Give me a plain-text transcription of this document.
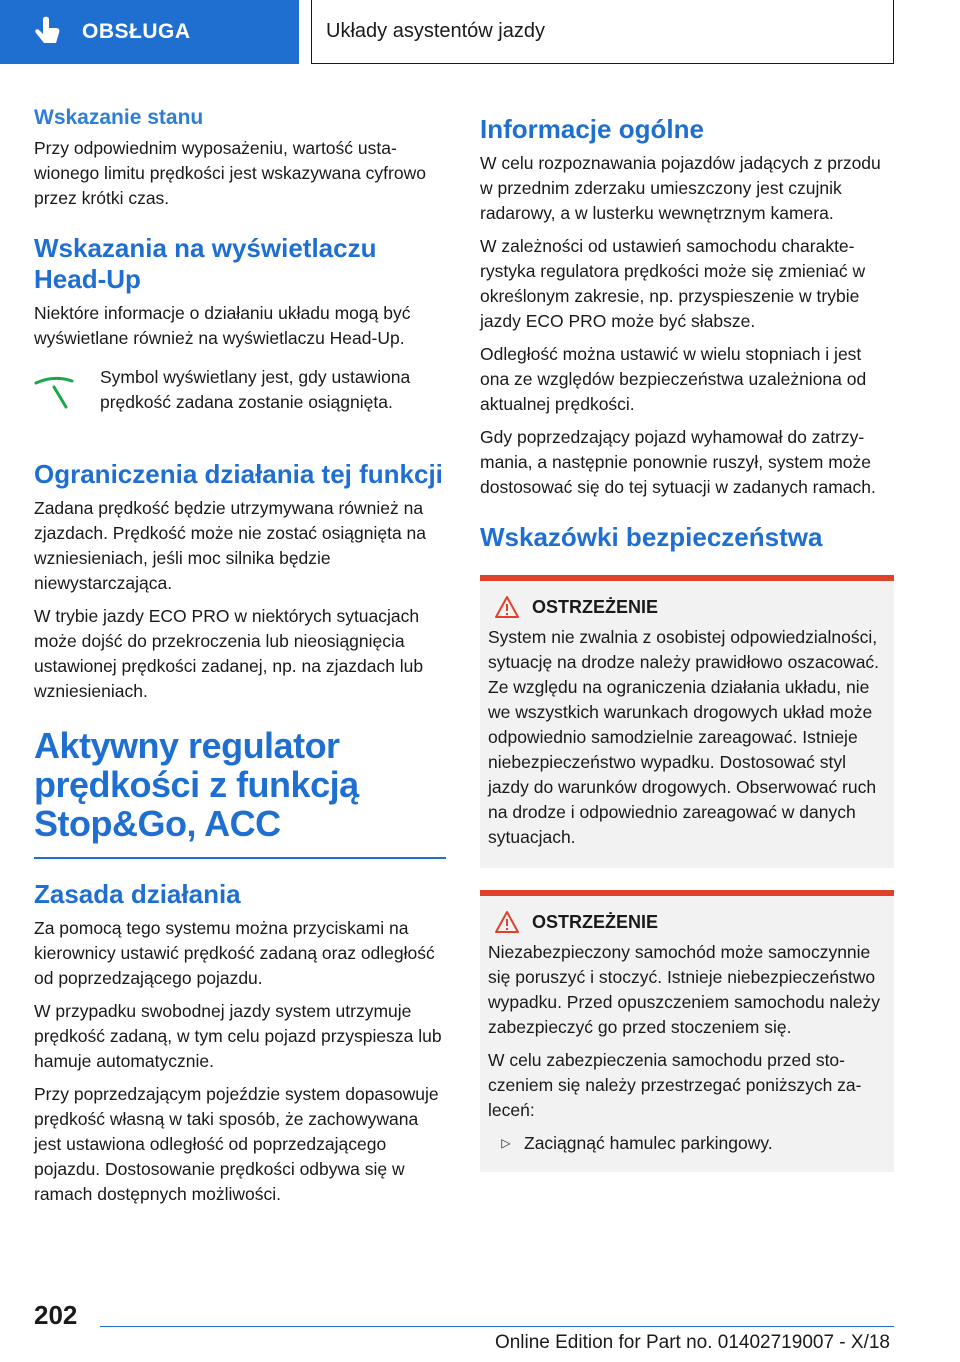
OBSŁUGA	Układy asystentów jazdy
Wskazanie stanu

Przy odpowiednim wyposażeniu, wartość ustawionego limitu prędkości jest wskazywana cyfrowo przez krótki czas.

Wskazania na wyświetlaczu Head-Up

Niektóre informacje o działaniu układu mogą być wyświetlane również na wyświetlaczu Head-Up.

Symbol wyświetlany jest, gdy ustawiona prędkość zadana zostanie osiągnięta.

Ograniczenia działania tej funkcji

Zadana prędkość będzie utrzymywana również na zjazdach. Prędkość może nie zostać osiągnięta na wzniesieniach, jeśli moc silnika będzie niewystarczająca.

W trybie jazdy ECO PRO w niektórych sytuacjach może dojść do przekroczenia lub nieosiągnięcia ustawionej prędkości zadanej, np. na zjazdach lub wzniesieniach.

Aktywny regulator prędkości z funkcją Stop&Go, ACC
Zasada działania

Za pomocą tego systemu można przyciskami na kierownicy ustawić prędkość zadaną oraz odległość od poprzedzającego pojazdu.

W przypadku swobodnej jazdy system utrzymuje prędkość zadaną, w tym celu pojazd przyspiesza lub hamuje automatycznie.

Przy poprzedzającym pojeździe system dopasowuje prędkość własną w taki sposób, że zachowywana jest ustawiona odległość od poprzedzającego pojazdu. Dostosowanie prędkości odbywa się w ramach dostępnych możliwości.

Informacje ogólne

W celu rozpoznawania pojazdów jadących z przodu w przednim zderzaku umieszczony jest czujnik radarowy, a w lusterku wewnętrznym kamera.

W zależności od ustawień samochodu charakterystyka regulatora prędkości może się zmieniać w określonym zakresie, np. przyspieszenie w trybie jazdy ECO PRO może być słabsze.

Odległość można ustawić w wielu stopniach i jest ona ze względów bezpieczeństwa uzależniona od aktualnej prędkości.

Gdy poprzedzający pojazd wyhamował do zatrzymania, a następnie ponownie ruszył, system może dostosować się do tej sytuacji w zadanych ramach.

Wskazówki bezpieczeństwa
OSTRZEŻENIE

System nie zwalnia z osobistej odpowiedzialności, sytuację na drodze należy prawidłowo oszacować. Ze względu na ograniczenia działania układu, nie we wszystkich warunkach drogowych układ może odpowiednio samodzielnie zareagować. Istnieje niebezpieczeństwo wypadku. Dostosować styl jazdy do warunków drogowych. Obserwować ruch na drodze i odpowiednio zareagować w danych sytuacjach.

OSTRZEŻENIE

Niezabezpieczony samochód może samoczynnie się poruszyć i stoczyć. Istnieje niebezpieczeństwo wypadku. Przed opuszczeniem samochodu należy zabezpieczyć go przed stoczeniem się.

W celu zabezpieczenia samochodu przed stoczeniem się należy przestrzegać poniższych zaleceń:

▷ Zaciągnąć hamulec parkingowy.
202
Online Edition for Part no. 01402719007 - X/18
